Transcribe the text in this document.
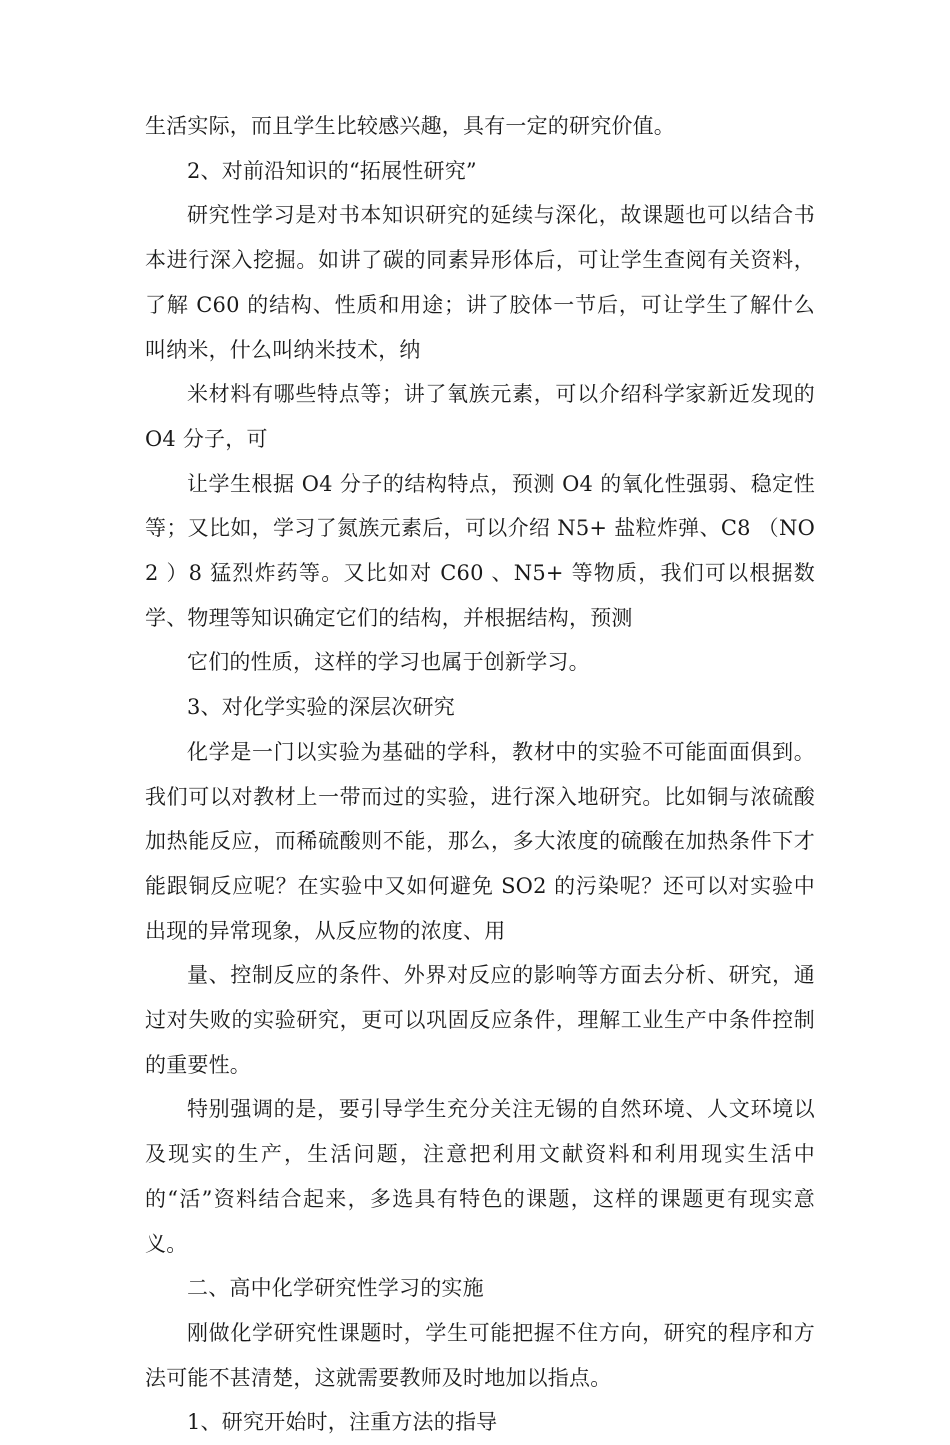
生活实际，而且学生比较感兴趣，具有一定的研究价值。

2、对前沿知识的“拓展性研究”

研究性学习是对书本知识研究的延续与深化，故课题也可以结合书本进行深入挖掘。如讲了碳的同素异形体后，可让学生查阅有关资料，了解 C60 的结构、性质和用途；讲了胶体一节后，可让学生了解什么叫纳米，什么叫纳米技术，纳

米材料有哪些特点等；讲了氧族元素，可以介绍科学家新近发现的 O4 分子，可

让学生根据 O4 分子的结构特点，预测 O4 的氧化性强弱、稳定性等；又比如，学习了氮族元素后，可以介绍 N5+ 盐粒炸弹、C8 （NO2 ）8 猛烈炸药等。又比如对 C60 、N5+ 等物质，我们可以根据数学、物理等知识确定它们的结构，并根据结构，预测

它们的性质，这样的学习也属于创新学习。

3、对化学实验的深层次研究

化学是一门以实验为基础的学科，教材中的实验不可能面面俱到。我们可以对教材上一带而过的实验，进行深入地研究。比如铜与浓硫酸加热能反应，而稀硫酸则不能，那么，多大浓度的硫酸在加热条件下才能跟铜反应呢？在实验中又如何避免 SO2 的污染呢？还可以对实验中出现的异常现象，从反应物的浓度、用

量、控制反应的条件、外界对反应的影响等方面去分析、研究，通过对失败的实验研究，更可以巩固反应条件，理解工业生产中条件控制的重要性。

特别强调的是，要引导学生充分关注无锡的自然环境、人文环境以及现实的生产，生活问题，注意把利用文献资料和利用现实生活中的“活”资料结合起来，多选具有特色的课题，这样的课题更有现实意义。

二、高中化学研究性学习的实施

刚做化学研究性课题时，学生可能把握不住方向，研究的程序和方法可能不甚清楚，这就需要教师及时地加以指点。

1、研究开始时，注重方法的指导
